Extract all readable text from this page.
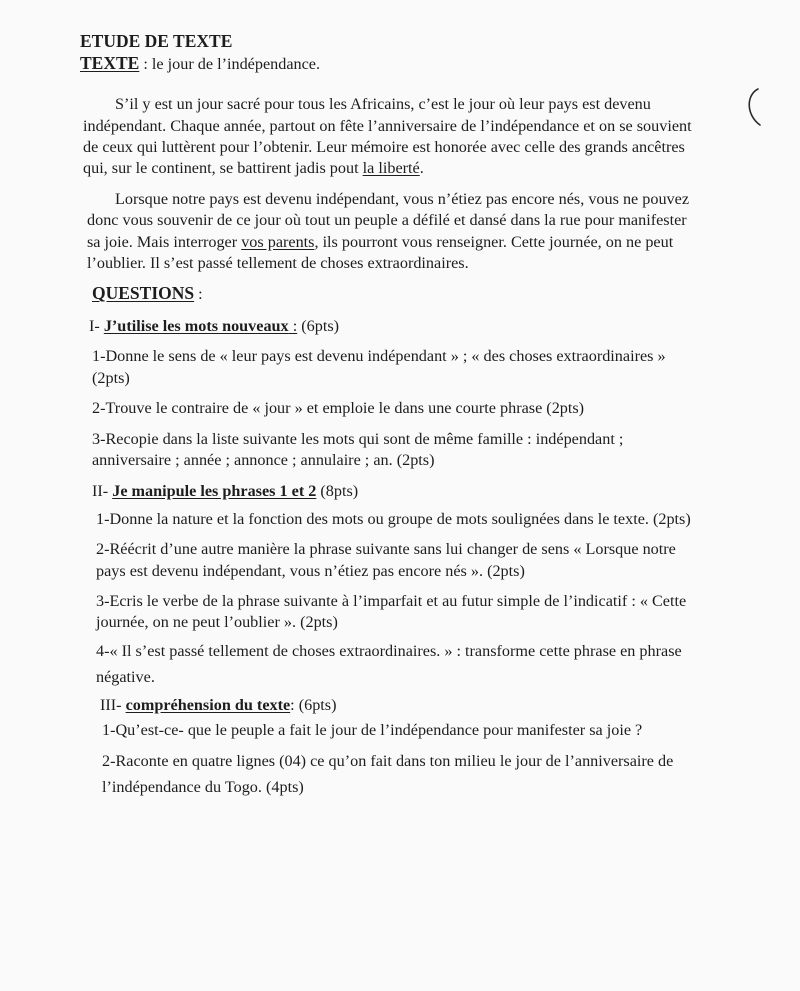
ETUDE DE TEXTE
TEXTE : le jour de l’indépendance.
S’il y est un jour sacré pour tous les Africains, c’est le jour où leur pays est devenu
indépendant. Chaque année, partout on fête l’anniversaire de l’indépendance et on se souvient
de ceux qui luttèrent pour l’obtenir. Leur mémoire est honorée avec celle des grands ancêtres
qui, sur le continent, se battirent jadis pout la liberté.
Lorsque notre pays est devenu indépendant, vous n’étiez pas encore nés, vous ne pouvez
donc vous souvenir de ce jour où tout un peuple a défilé et dansé dans la rue pour manifester
sa joie. Mais interroger vos parents, ils pourront vous renseigner. Cette journée, on ne peut
l’oublier. Il s’est passé tellement de choses extraordinaires.
QUESTIONS :
I- J’utilise les mots nouveaux : (6pts)
1-Donne le sens de « leur pays est devenu indépendant » ; « des choses extraordinaires »
(2pts)
2-Trouve le contraire de « jour » et emploie le dans une courte phrase (2pts)
3-Recopie dans la liste suivante les mots qui sont de même famille : indépendant ;
anniversaire ; année ; annonce ; annulaire ; an. (2pts)
II- Je manipule les phrases 1 et 2 (8pts)
1-Donne la nature et la fonction des mots ou groupe de mots soulignées dans le texte. (2pts)
2-Réécrit d’une autre manière la phrase suivante sans lui changer de sens « Lorsque notre
pays est devenu indépendant, vous n’étiez pas encore nés ». (2pts)
3-Ecris le verbe de la phrase suivante à l’imparfait et au futur simple de l’indicatif : « Cette
journée, on ne peut l’oublier ». (2pts)
4-« Il s’est passé tellement de choses extraordinaires. » : transforme cette phrase en phrase
négative.
III- compréhension du texte: (6pts)
1-Qu’est-ce- que le peuple a fait le jour de l’indépendance pour manifester sa joie ?
2-Raconte en quatre lignes (04) ce qu’on fait dans ton milieu le jour de l’anniversaire de
l’indépendance du Togo. (4pts)
